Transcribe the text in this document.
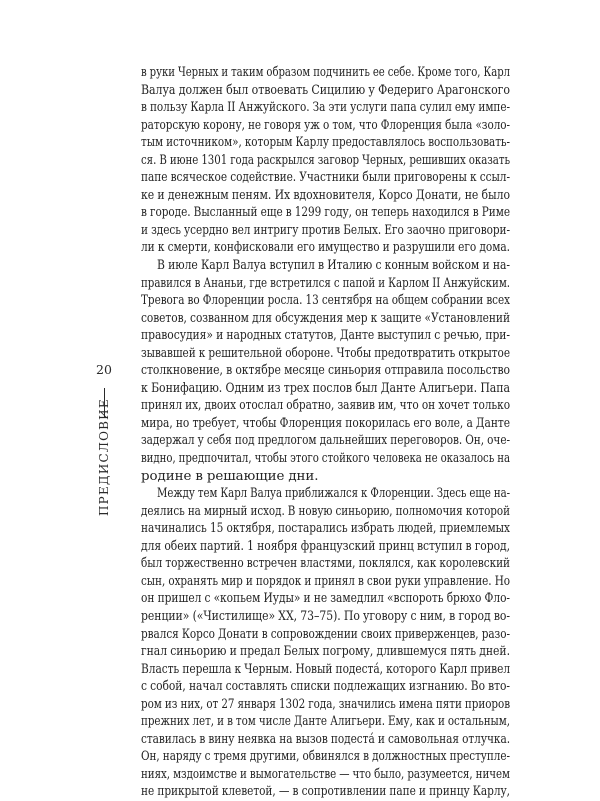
20
ПРЕДИСЛОВИЕ
в руки Черных и таким образом подчинить ее себе. Кроме того, Карл
Валуа должен был отвоевать Сицилию у Федериго Арагонского
в пользу Карла II Анжуйского. За эти услуги папа сулил ему импе-
раторскую корону, не говоря уж о том, что Флоренция была «зoло-
тым источником», которым Карлу предоставлялось воспользовать-
ся. В июне 1301 года раскрылся заговор Черных, решивших оказать
папе всяческое содействие. Участники были приговорены к ссыл-
ке и денежным пеням. Их вдохновителя, Корсо Донати, не было
в городе. Высланный еще в 1299 году, он теперь находился в Риме
и здесь усердно вел интригу против Белых. Его заочно приговори-
ли к смерти, конфисковали его имущество и разрушили его дома.
В июле Карл Валуа вступил в Италию с конным войском и на-
правился в Ананьи, где встретился с папой и Карлом II Анжуйским.
Тревога во Флоренции росла. 13 сентября на общем собрании всех
советов, созванном для обсуждения мер к защите «Установлений
правосудия» и народных статутов, Данте выступил с речью, при-
зывавшей к решительной обороне. Чтобы предотвратить открытое
столкновение, в октябре месяце синьория отправила посольство
к Бонифацию. Одним из трех послов был Данте Алигьери. Папа
принял их, двоих отослал обратно, заявив им, что он хочет только
мира, но требует, чтобы Флоренция покорилась его воле, а Данте
задержал у себя под предлогом дальнейших переговоров. Он, оче-
видно, предпочитал, чтобы этого стойкого человека не оказалось на
родине в решающие дни.
Между тем Карл Валуа приближался к Флоренции. Здесь еще на-
деялись на мирный исход. В новую синьорию, полномочия которой
начинались 15 октября, постарались избрать людей, приемлемых
для обеих партий. 1 ноября французский принц вступил в город,
был торжественно встречен властями, поклялся, как королевский
сын, охранять мир и порядок и принял в свои руки управление. Но
он пришел с «копьем Иуды» и не замедлил «вспороть брюхо Фло-
ренции» («Чистилище» XX, 73–75). По уговору с ним, в город во-
рвался Корсо Донати в сопровождении своих приверженцев, разо-
гнал синьорию и предал Белых погрому, длившемуся пять дней.
Власть перешла к Черным. Новый подеста́, которого Карл привел
с собой, начал составлять списки подлежащих изгнанию. Во вто-
ром из них, от 27 января 1302 года, значились имена пяти приоров
прежних лет, и в том числе Данте Алигьери. Ему, как и остальным,
ставилась в вину неявка на вызов подеста́ и самовольная отлучка.
Он, наряду с тремя другими, обвинялся в должностных преступле-
ниях, мздоимстве и вымогательстве — что было, разумеется, ничем
не прикрытой клеветой, — в сопротивлении папе и принцу Карлу,
